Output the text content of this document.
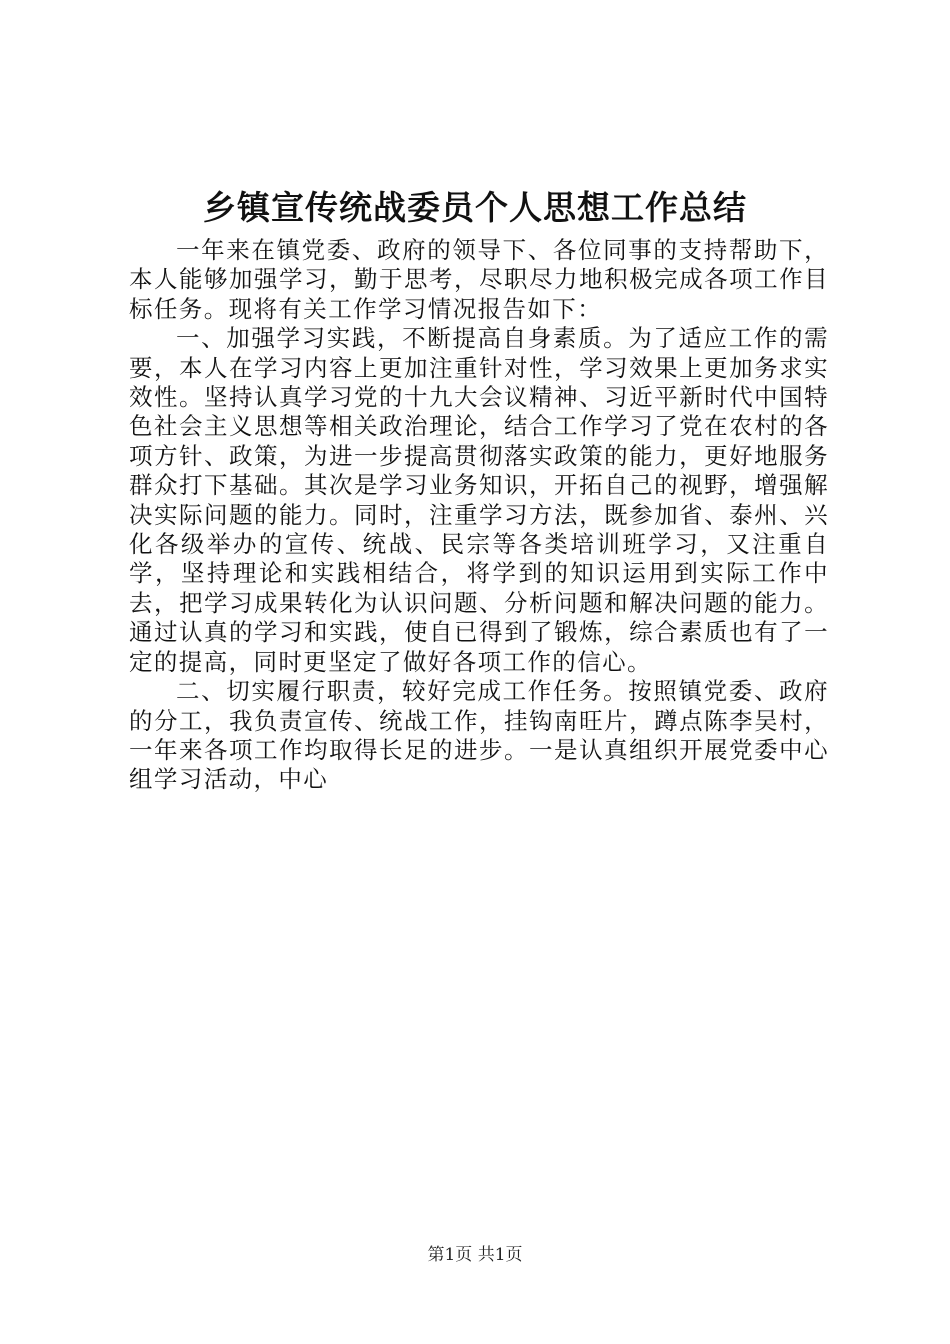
乡镇宣传统战委员个人思想工作总结

一年来在镇党委、政府的领导下、各位同事的支持帮助下，本人能够加强学习，勤于思考，尽职尽力地积极完成各项工作目标任务。现将有关工作学习情况报告如下：

一、加强学习实践，不断提高自身素质。为了适应工作的需要，本人在学习内容上更加注重针对性，学习效果上更加务求实效性。坚持认真学习党的十九大会议精神、习近平新时代中国特色社会主义思想等相关政治理论，结合工作学习了党在农村的各项方针、政策，为进一步提高贯彻落实政策的能力，更好地服务群众打下基础。其次是学习业务知识，开拓自己的视野，增强解决实际问题的能力。同时，注重学习方法，既参加省、泰州、兴化各级举办的宣传、统战、民宗等各类培训班学习，又注重自学，坚持理论和实践相结合，将学到的知识运用到实际工作中去，把学习成果转化为认识问题、分析问题和解决问题的能力。通过认真的学习和实践，使自已得到了锻炼，综合素质也有了一定的提高，同时更坚定了做好各项工作的信心。

二、切实履行职责，较好完成工作任务。按照镇党委、政府的分工，我负责宣传、统战工作，挂钩南旺片，蹲点陈李吴村，一年来各项工作均取得长足的进步。一是认真组织开展党委中心组学习活动，中心

第1页 共1页
